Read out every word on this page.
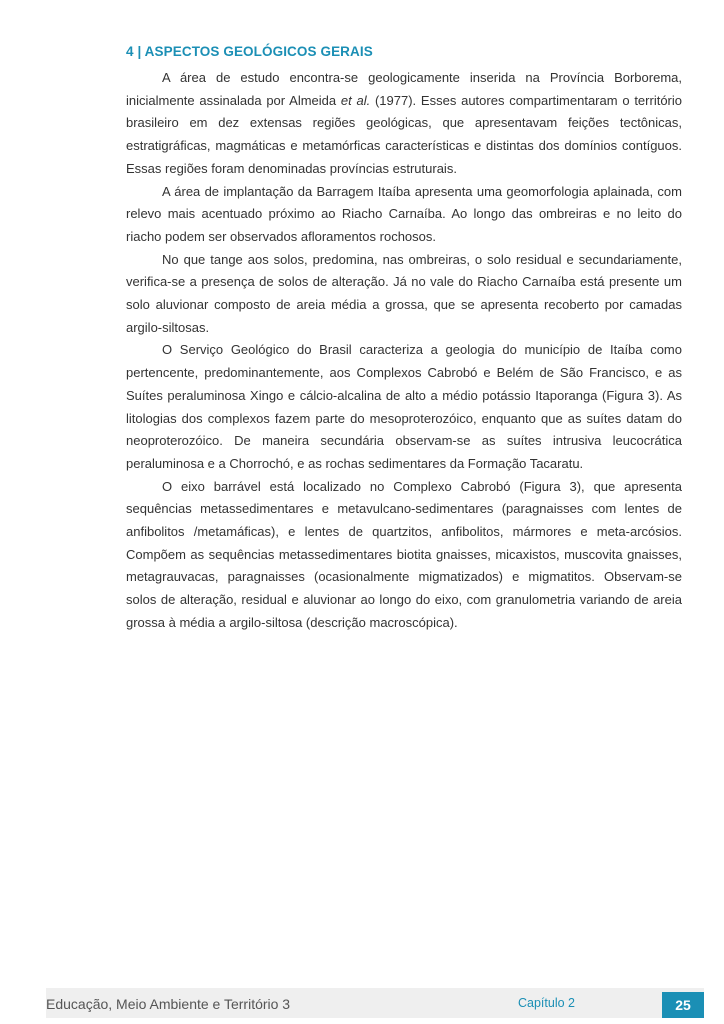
4 | ASPECTOS GEOLÓGICOS GERAIS

A área de estudo encontra-se geologicamente inserida na Província Borborema, inicialmente assinalada por Almeida et al. (1977). Esses autores compartimentaram o território brasileiro em dez extensas regiões geológicas, que apresentavam feições tectônicas, estratigráficas, magmáticas e metamórficas características e distintas dos domínios contíguos. Essas regiões foram denominadas províncias estruturais.

A área de implantação da Barragem Itaíba apresenta uma geomorfologia aplainada, com relevo mais acentuado próximo ao Riacho Carnaíba. Ao longo das ombreiras e no leito do riacho podem ser observados afloramentos rochosos.

No que tange aos solos, predomina, nas ombreiras, o solo residual e secundariamente, verifica-se a presença de solos de alteração. Já no vale do Riacho Carnaíba está presente um solo aluvionar composto de areia média a grossa, que se apresenta recoberto por camadas argilo-siltosas.

O Serviço Geológico do Brasil caracteriza a geologia do município de Itaíba como pertencente, predominantemente, aos Complexos Cabrobó e Belém de São Francisco, e as Suítes peraluminosa Xingo e cálcio-alcalina de alto a médio potássio Itaporanga (Figura 3). As litologias dos complexos fazem parte do mesoproterozóico, enquanto que as suítes datam do neoproterozóico. De maneira secundária observam-se as suítes intrusiva leucocrática peraluminosa e a Chorrochó, e as rochas sedimentares da Formação Tacaratu.

O eixo barrável está localizado no Complexo Cabrobó (Figura 3), que apresenta sequências metassedimentares e metavulcano-sedimentares (paragnaisses com lentes de anfibolitos /metamáficas), e lentes de quartzitos, anfibolitos, mármores e meta-arcósios. Compõem as sequências metassedimentares biotita gnaisses, micaxistos, muscovita gnaisses, metagrauvacas, paragnaisses (ocasionalmente migmatizados) e migmatitos. Observam-se solos de alteração, residual e aluvionar ao longo do eixo, com granulometria variando de areia grossa à média a argilo-siltosa (descrição macroscópica).

Educação, Meio Ambiente e Território 3	Capítulo 2	25
